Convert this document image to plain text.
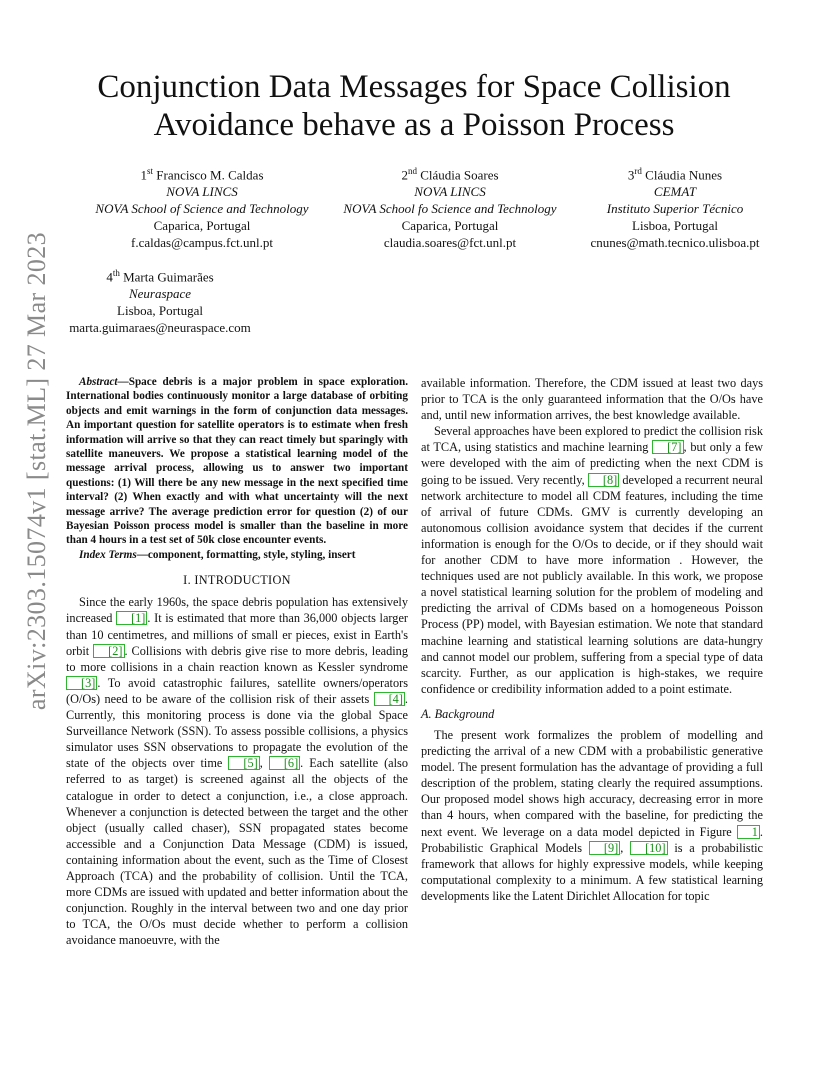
arXiv:2303.15074v1 [stat.ML] 27 Mar 2023
Conjunction Data Messages for Space Collision Avoidance behave as a Poisson Process
1st Francisco M. Caldas
NOVA LINCS
NOVA School of Science and Technology
Caparica, Portugal
f.caldas@campus.fct.unl.pt
2nd Cláudia Soares
NOVA LINCS
NOVA School fo Science and Technology
Caparica, Portugal
claudia.soares@fct.unl.pt
3rd Cláudia Nunes
CEMAT
Instituto Superior Técnico
Lisboa, Portugal
cnunes@math.tecnico.ulisboa.pt
4th Marta Guimarães
Neuraspace
Lisboa, Portugal
marta.guimaraes@neuraspace.com

Abstract—Space debris is a major problem in space exploration. International bodies continuously monitor a large database of orbiting objects and emit warnings in the form of conjunction data messages. An important question for satellite operators is to estimate when fresh information will arrive so that they can react timely but sparingly with satellite maneuvers. We propose a statistical learning model of the message arrival process, allowing us to answer two important questions: (1) Will there be any new message in the next specified time interval? (2) When exactly and with what uncertainty will the next message arrive? The average prediction error for question (2) of our Bayesian Poisson process model is smaller than the baseline in more than 4 hours in a test set of 50k close encounter events.

Index Terms—component, formatting, style, styling, insert

I. INTRODUCTION

Since the early 1960s, the space debris population has extensively increased [1] . It is estimated that more than 36,000 objects larger than 10 centimetres, and millions of small er pieces, exist in Earth's orbit [2] . Collisions with debris give rise to more debris, leading to more collisions in a chain reaction known as Kessler syndrome [3] . To avoid catastrophic failures, satellite owners/operators (O/Os) need to be aware of the collision risk of their assets [4] . Currently, this monitoring process is done via the global Space Surveillance Network (SSN). To assess possible collisions, a physics simulator uses SSN observations to propagate the evolution of the state of the objects over time [5] , [6] . Each satellite (also referred to as target) is screened against all the objects of the catalogue in order to detect a conjunction, i.e., a close approach. Whenever a conjunction is detected between the target and the other object (usually called chaser), SSN propagated states become accessible and a Conjunction Data Message (CDM) is issued, containing information about the event, such as the Time of Closest Approach (TCA) and the probability of collision. Until the TCA, more CDMs are issued with updated and better information about the conjunction. Roughly in the interval between two and one day prior to TCA, the O/Os must decide whether to perform a collision avoidance manoeuvre, with the

available information. Therefore, the CDM issued at least two days prior to TCA is the only guaranteed information that the O/Os have and, until new information arrives, the best knowledge available.

Several approaches have been explored to predict the collision risk at TCA, using statistics and machine learning [7] , but only a few were developed with the aim of predicting when the next CDM is going to be issued. Very recently, [8] developed a recurrent neural network architecture to model all CDM features, including the time of arrival of future CDMs. GMV is currently developing an autonomous collision avoidance system that decides if the current information is enough for the O/Os to decide, or if they should wait for another CDM to have more information . However, the techniques used are not publicly available. In this work, we propose a novel statistical learning solution for the problem of modeling and predicting the arrival of CDMs based on a homogeneous Poisson Process (PP) model, with Bayesian estimation. We note that standard machine learning and statistical learning solutions are data-hungry and cannot model our problem, suffering from a special type of data scarcity. Further, as our application is high-stakes, we require confidence or credibility information added to a point estimate.

A. Background

The present work formalizes the problem of modelling and predicting the arrival of a new CDM with a probabilistic generative model. The present formulation has the advantage of providing a full description of the problem, stating clearly the required assumptions. Our proposed model shows high accuracy, decreasing error in more than 4 hours, when compared with the baseline, for predicting the next event. We leverage on a data model depicted in Figure 1 . Probabilistic Graphical Models [9] , [10] is a probabilistic framework that allows for highly expressive models, while keeping computational complexity to a minimum. A few statistical learning developments like the Latent Dirichlet Allocation for topic
